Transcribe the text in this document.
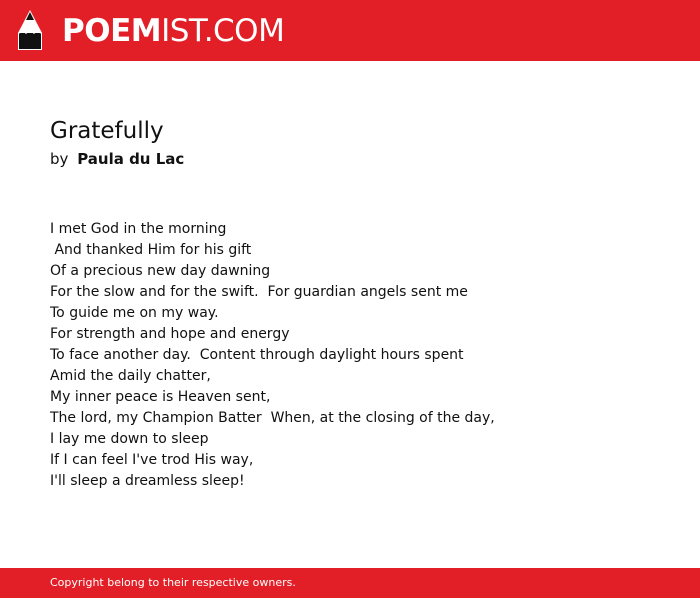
POEMIST.COM
Gratefully
by Paula du Lac
I met God in the morning
And thanked Him for his gift
Of a precious new day dawning
For the slow and for the swift.  For guardian angels sent me
To guide me on my way.
For strength and hope and energy
To face another day.  Content through daylight hours spent
Amid the daily chatter,
My inner peace is Heaven sent,
The lord, my Champion Batter  When, at the closing of the day,
I lay me down to sleep
If I can feel I've trod His way,
I'll sleep a dreamless sleep!
Copyright belong to their respective owners.
